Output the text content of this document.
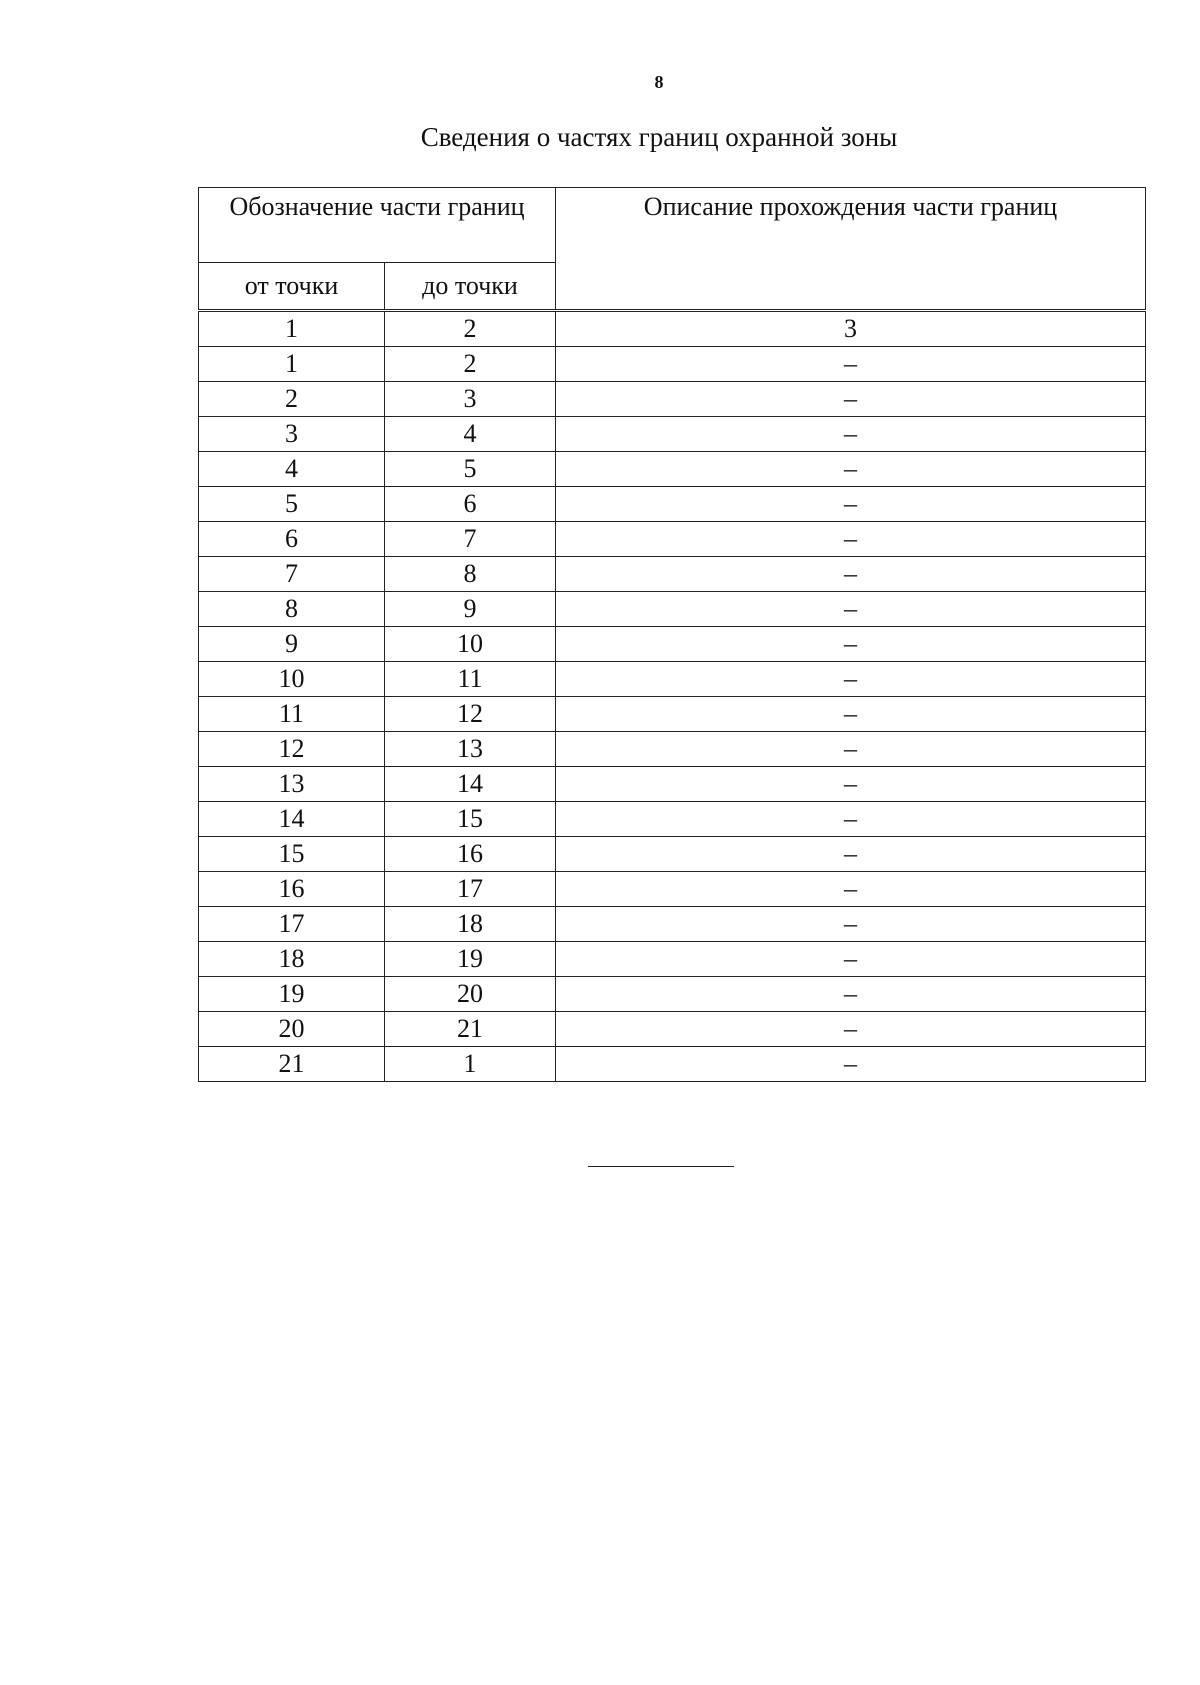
8
Сведения о частях границ охранной зоны
Обозначение части границ		Описание прохождения части границ
от точки	до точки	
1	2	3
1	2	–
2	3	–
3	4	–
4	5	–
5	6	–
6	7	–
7	8	–
8	9	–
9	10	–
10	11	–
11	12	–
12	13	–
13	14	–
14	15	–
15	16	–
16	17	–
17	18	–
18	19	–
19	20	–
20	21	–
21	1	–
